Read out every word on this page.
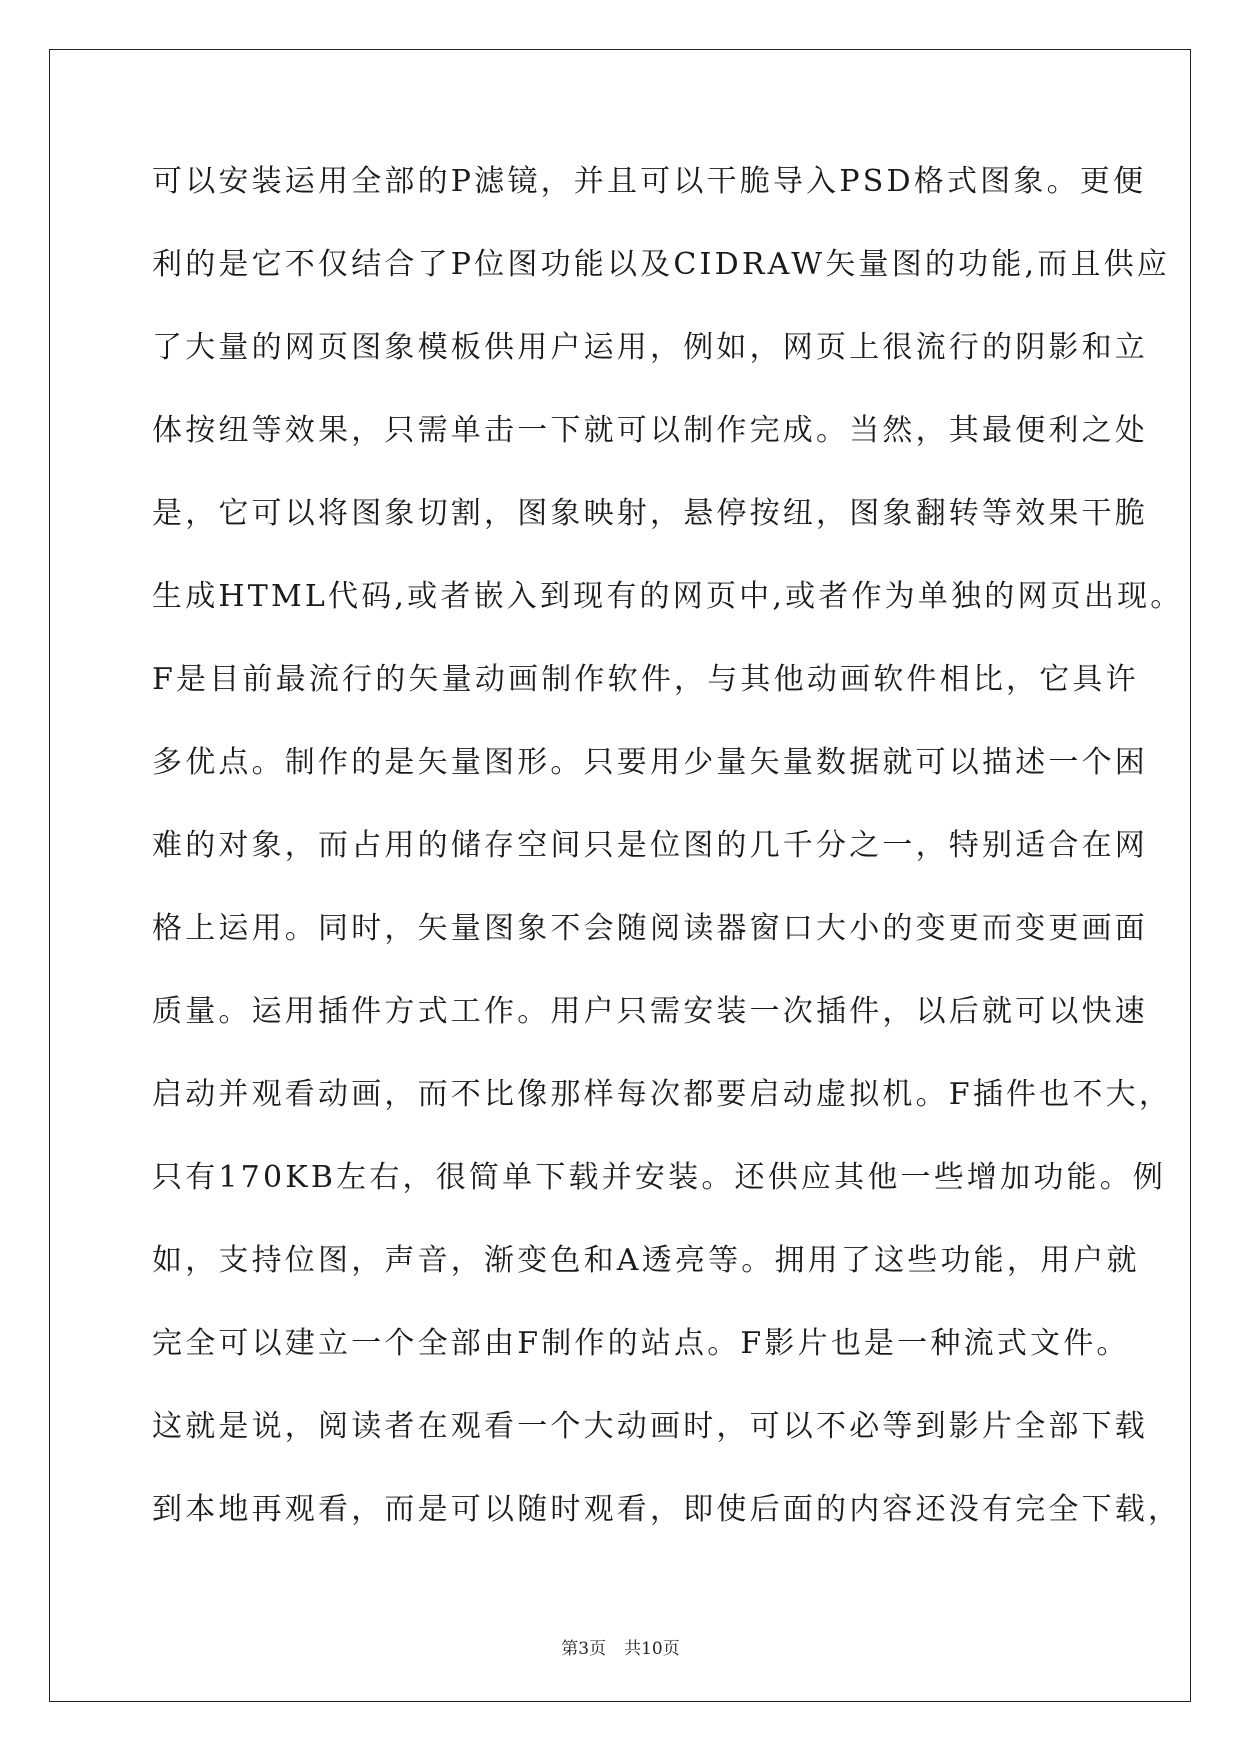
可以安装运用全部的P滤镜，并且可以干脆导入PSD格式图象。更便
利的是它不仅结合了P位图功能以及CIDRAW矢量图的功能,而且供应
了大量的网页图象模板供用户运用，例如，网页上很流行的阴影和立
体按纽等效果，只需单击一下就可以制作完成。当然，其最便利之处
是，它可以将图象切割，图象映射，悬停按纽，图象翻转等效果干脆
生成HTML代码,或者嵌入到现有的网页中,或者作为单独的网页出现。
F是目前最流行的矢量动画制作软件，与其他动画软件相比，它具许
多优点。制作的是矢量图形。只要用少量矢量数据就可以描述一个困
难的对象，而占用的储存空间只是位图的几千分之一，特别适合在网
格上运用。同时，矢量图象不会随阅读器窗口大小的变更而变更画面
质量。运用插件方式工作。用户只需安装一次插件，以后就可以快速
启动并观看动画，而不比像那样每次都要启动虚拟机。F插件也不大，
只有170KB左右，很简单下载并安装。还供应其他一些增加功能。例
如，支持位图，声音，渐变色和A透亮等。拥用了这些功能，用户就
完全可以建立一个全部由F制作的站点。F影片也是一种流式文件。
这就是说，阅读者在观看一个大动画时，可以不必等到影片全部下载
到本地再观看，而是可以随时观看，即使后面的内容还没有完全下载，
第3页 共10页
